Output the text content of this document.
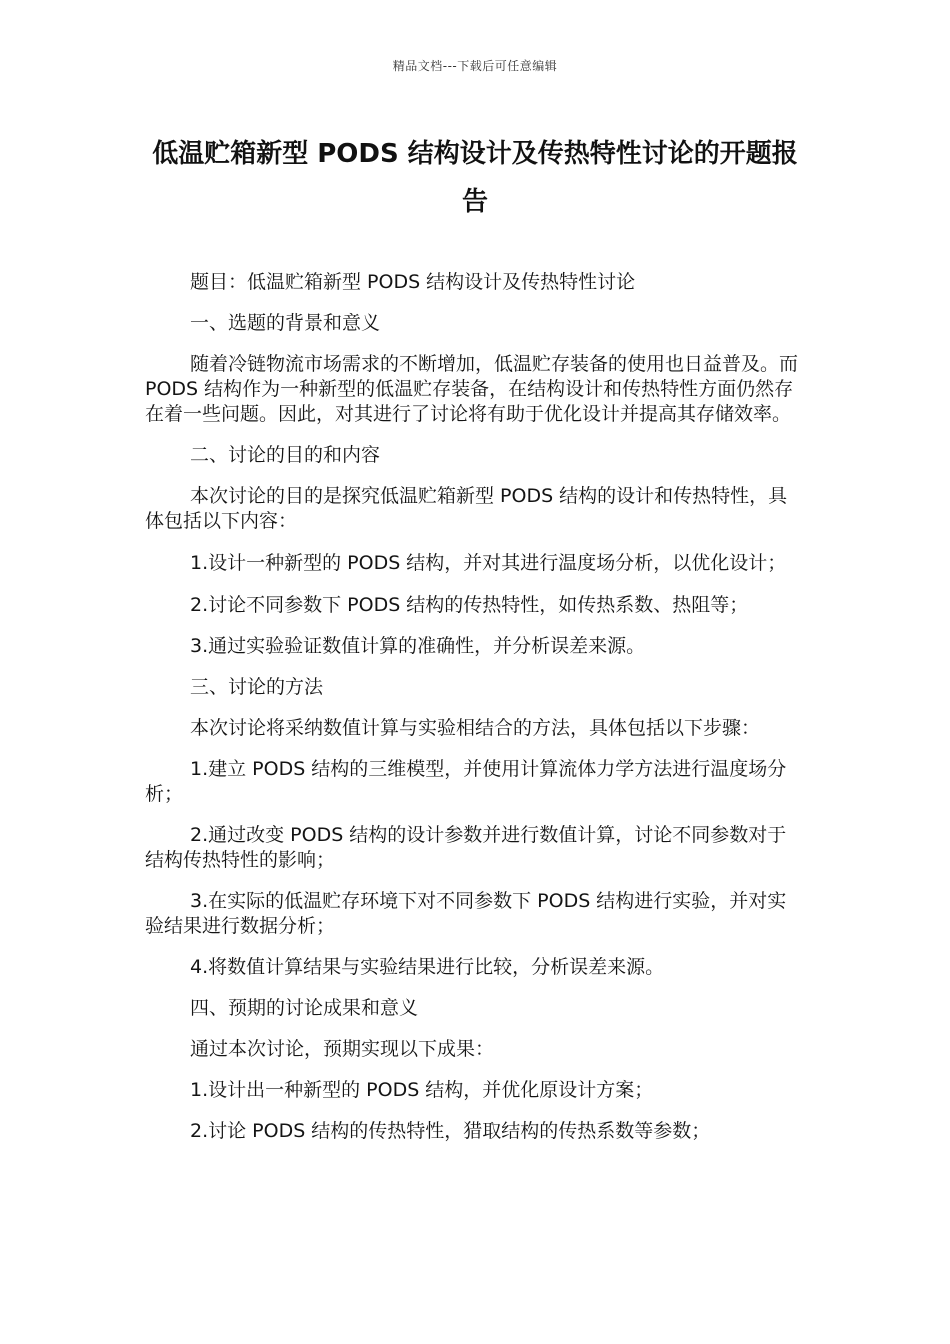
精品文档---下载后可任意编辑
低温贮箱新型 PODS 结构设计及传热特性讨论的开题报告

题目：低温贮箱新型 PODS 结构设计及传热特性讨论

一、选题的背景和意义

随着冷链物流市场需求的不断增加，低温贮存装备的使用也日益普及。而 PODS 结构作为一种新型的低温贮存装备，在结构设计和传热特性方面仍然存在着一些问题。因此，对其进行了讨论将有助于优化设计并提高其存储效率。

二、讨论的目的和内容

本次讨论的目的是探究低温贮箱新型 PODS 结构的设计和传热特性，具体包括以下内容：

1.设计一种新型的 PODS 结构，并对其进行温度场分析，以优化设计；

2.讨论不同参数下 PODS 结构的传热特性，如传热系数、热阻等；

3.通过实验验证数值计算的准确性，并分析误差来源。

三、讨论的方法

本次讨论将采纳数值计算与实验相结合的方法，具体包括以下步骤：

1.建立 PODS 结构的三维模型，并使用计算流体力学方法进行温度场分析；

2.通过改变 PODS 结构的设计参数并进行数值计算，讨论不同参数对于结构传热特性的影响；

3.在实际的低温贮存环境下对不同参数下 PODS 结构进行实验，并对实验结果进行数据分析；

4.将数值计算结果与实验结果进行比较，分析误差来源。

四、预期的讨论成果和意义

通过本次讨论，预期实现以下成果：

1.设计出一种新型的 PODS 结构，并优化原设计方案；

2.讨论 PODS 结构的传热特性，猎取结构的传热系数等参数；
